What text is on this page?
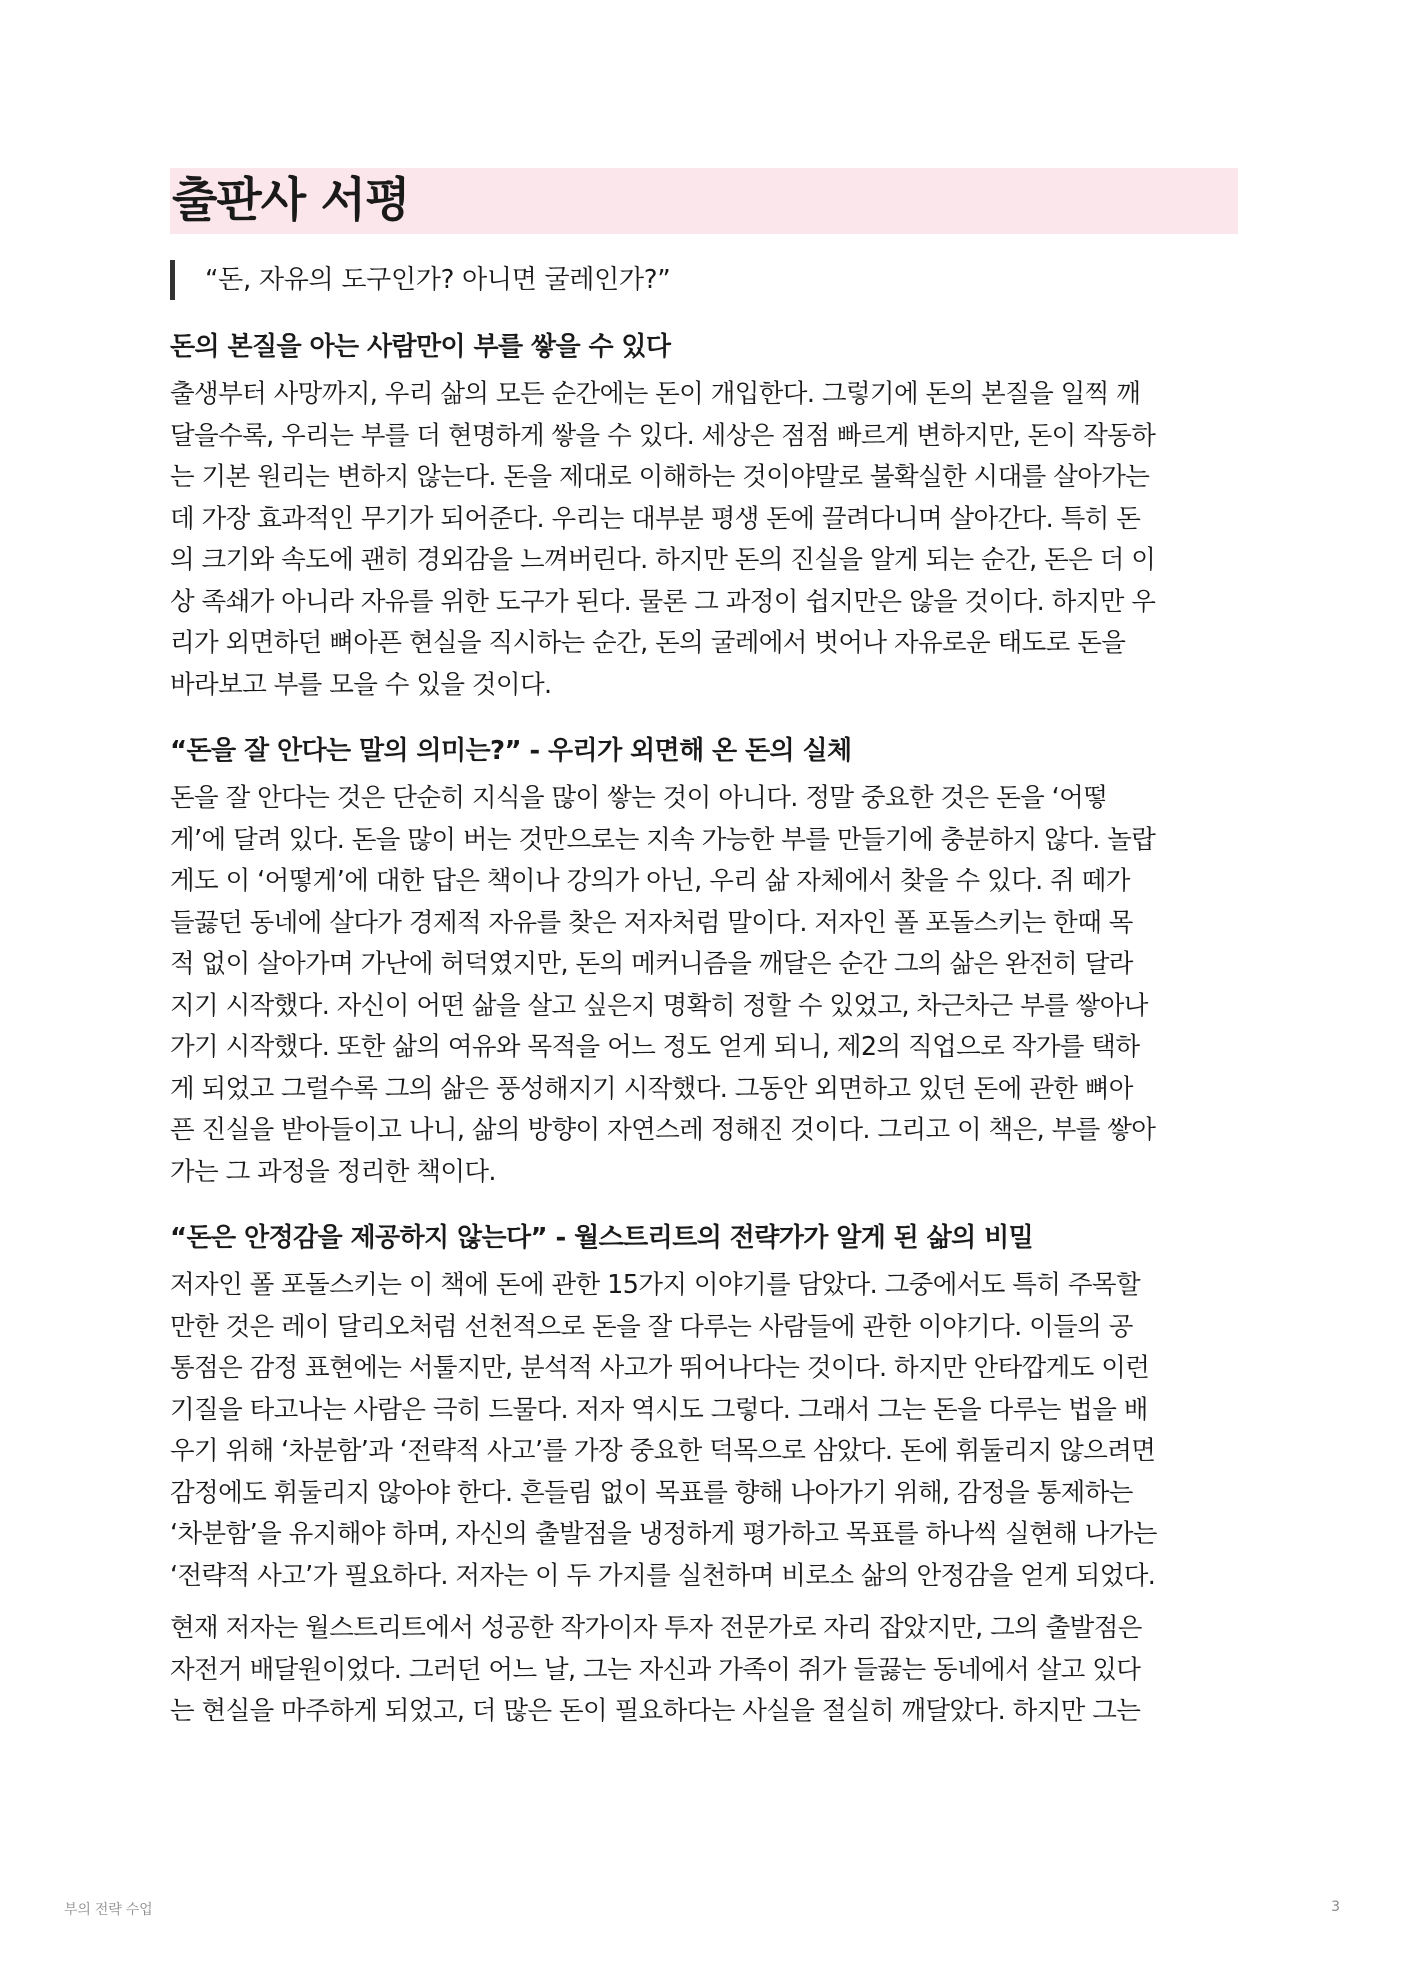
출판사 서평
“돈, 자유의 도구인가? 아니면 굴레인가?”
돈의 본질을 아는 사람만이 부를 쌓을 수 있다
출생부터 사망까지, 우리 삶의 모든 순간에는 돈이 개입한다. 그렇기에 돈의 본질을 일찍 깨
달을수록, 우리는 부를 더 현명하게 쌓을 수 있다. 세상은 점점 빠르게 변하지만, 돈이 작동하
는 기본 원리는 변하지 않는다. 돈을 제대로 이해하는 것이야말로 불확실한 시대를 살아가는
데 가장 효과적인 무기가 되어준다. 우리는 대부분 평생 돈에 끌려다니며 살아간다. 특히 돈
의 크기와 속도에 괜히 경외감을 느껴버린다. 하지만 돈의 진실을 알게 되는 순간, 돈은 더 이
상 족쇄가 아니라 자유를 위한 도구가 된다. 물론 그 과정이 쉽지만은 않을 것이다. 하지만 우
리가 외면하던 뼈아픈 현실을 직시하는 순간, 돈의 굴레에서 벗어나 자유로운 태도로 돈을
바라보고 부를 모을 수 있을 것이다.
“돈을 잘 안다는 말의 의미는?” - 우리가 외면해 온 돈의 실체
돈을 잘 안다는 것은 단순히 지식을 많이 쌓는 것이 아니다. 정말 중요한 것은 돈을 ‘어떻
게’에 달려 있다. 돈을 많이 버는 것만으로는 지속 가능한 부를 만들기에 충분하지 않다. 놀랍
게도 이 ‘어떻게’에 대한 답은 책이나 강의가 아닌, 우리 삶 자체에서 찾을 수 있다. 쥐 떼가
들끓던 동네에 살다가 경제적 자유를 찾은 저자처럼 말이다. 저자인 폴 포돌스키는 한때 목
적 없이 살아가며 가난에 허덕였지만, 돈의 메커니즘을 깨달은 순간 그의 삶은 완전히 달라
지기 시작했다. 자신이 어떤 삶을 살고 싶은지 명확히 정할 수 있었고, 차근차근 부를 쌓아나
가기 시작했다. 또한 삶의 여유와 목적을 어느 정도 얻게 되니, 제2의 직업으로 작가를 택하
게 되었고 그럴수록 그의 삶은 풍성해지기 시작했다. 그동안 외면하고 있던 돈에 관한 뼈아
픈 진실을 받아들이고 나니, 삶의 방향이 자연스레 정해진 것이다. 그리고 이 책은, 부를 쌓아
가는 그 과정을 정리한 책이다.
“돈은 안정감을 제공하지 않는다” - 월스트리트의 전략가가 알게 된 삶의 비밀
저자인 폴 포돌스키는 이 책에 돈에 관한 15가지 이야기를 담았다. 그중에서도 특히 주목할
만한 것은 레이 달리오처럼 선천적으로 돈을 잘 다루는 사람들에 관한 이야기다. 이들의 공
통점은 감정 표현에는 서툴지만, 분석적 사고가 뛰어나다는 것이다. 하지만 안타깝게도 이런
기질을 타고나는 사람은 극히 드물다. 저자 역시도 그렇다. 그래서 그는 돈을 다루는 법을 배
우기 위해 ‘차분함’과 ‘전략적 사고’를 가장 중요한 덕목으로 삼았다. 돈에 휘둘리지 않으려면
감정에도 휘둘리지 않아야 한다. 흔들림 없이 목표를 향해 나아가기 위해, 감정을 통제하는
‘차분함’을 유지해야 하며, 자신의 출발점을 냉정하게 평가하고 목표를 하나씩 실현해 나가는
‘전략적 사고’가 필요하다. 저자는 이 두 가지를 실천하며 비로소 삶의 안정감을 얻게 되었다.
현재 저자는 월스트리트에서 성공한 작가이자 투자 전문가로 자리 잡았지만, 그의 출발점은
자전거 배달원이었다. 그러던 어느 날, 그는 자신과 가족이 쥐가 들끓는 동네에서 살고 있다
는 현실을 마주하게 되었고, 더 많은 돈이 필요하다는 사실을 절실히 깨달았다. 하지만 그는
부의 전략 수업	3
